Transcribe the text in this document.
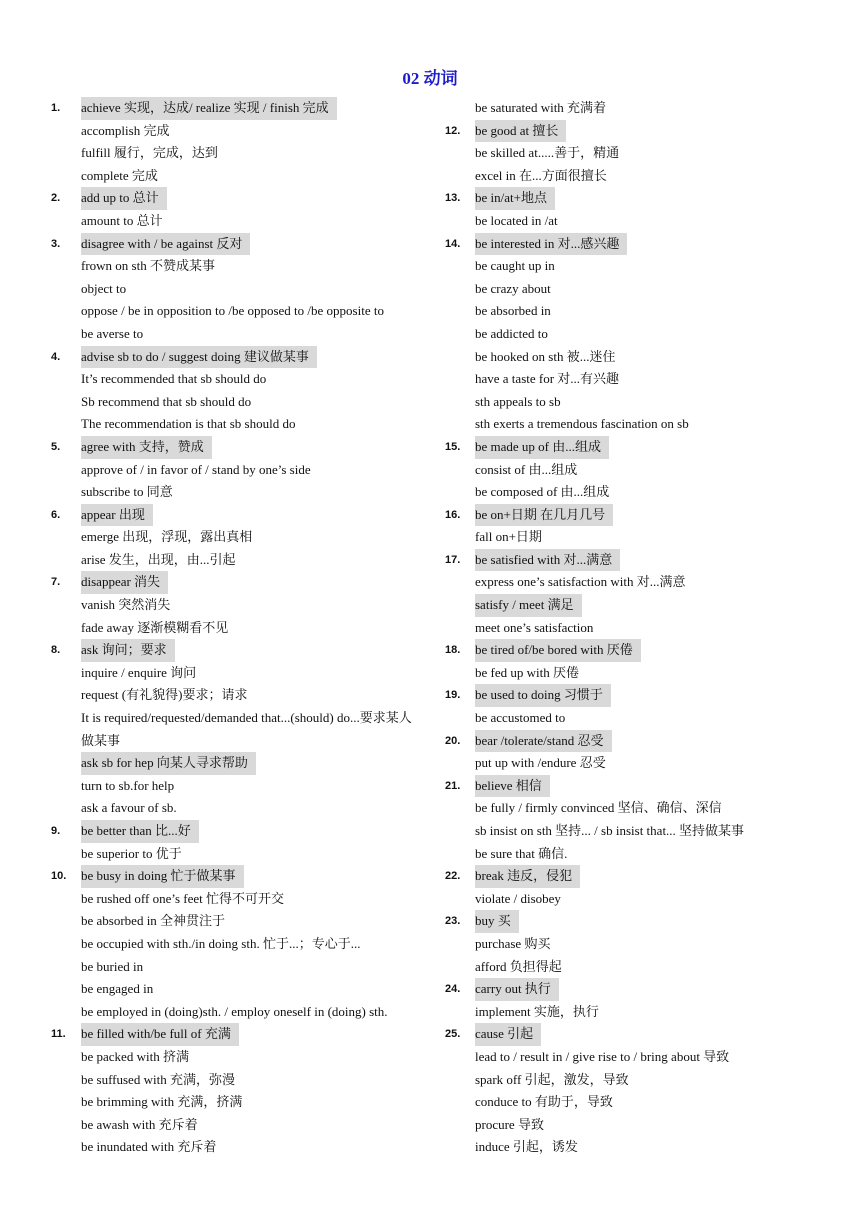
02 动词
1. achieve 实现，达成/ realize 实现 / finish 完成
accomplish 完成
fulfill 履行，完成，达到
complete 完成
2. add up to 总计
amount to 总计
3. disagree with / be against 反对
frown on sth 不赞成某事
object to
oppose / be in opposition to /be opposed to /be opposite to
be averse to
4. advise sb to do / suggest doing 建议做某事
It’s recommended that sb should do
Sb recommend that sb should do
The recommendation is that sb should do
5. agree with 支持，赞成
approve of / in favor of / stand by one’s side
subscribe to 同意
6. appear 出现
emerge 出现，浮现，露出真相
arise 发生，出现，由...引起
7. disappear 消失
vanish 突然消失
fade away 逐渐模糊看不见
8. ask 询问；要求
inquire / enquire 询问
request (有礼貌得)要求；请求
It is required/requested/demanded that...(should) do...要求某人
做某事
ask sb for hep 向某人寻求帮助
turn to sb.for help
ask a favour of sb.
9. be better than 比...好
be superior to 优于
10. be busy in doing 忙于做某事
be rushed off one’s feet 忙得不可开交
be absorbed in 全神贯注于
be occupied with sth./in doing sth. 忙于...；专心于...
be buried in
be engaged in
be employed in (doing)sth. / employ oneself in (doing) sth.
11. be filled with/be full of 充满
be packed with 挤满
be suffused with 充满，弥漫
be brimming with 充满，挤满
be awash with 充斥着
be inundated with 充斥着
be saturated with 充满着
12. be good at 擅长
be skilled at.....善于，精通
excel in 在...方面很擅长
13. be in/at+地点
be located in /at
14. be interested in 对...感兴趣
be caught up in
be crazy about
be absorbed in
be addicted to
be hooked on sth 被...迷住
have a taste for 对...有兴趣
sth appeals to sb
sth exerts a tremendous fascination on sb
15. be made up of 由...组成
consist of 由...组成
be composed of 由...组成
16. be on+日期 在几月几号
fall on+日期
17. be satisfied with 对...满意
express one’s satisfaction with 对...满意
satisfy / meet 满足
meet one’s satisfaction
18. be tired of/be bored with 厌倦
be fed up with 厌倦
19. be used to doing 习惯于
be accustomed to
20. bear /tolerate/stand 忍受
put up with /endure 忍受
21. believe 相信
be fully / firmly convinced 坚信、确信、深信
sb insist on sth 坚持... / sb insist that... 坚持做某事
be sure that 确信.
22. break 违反，侵犯
violate / disobey
23. buy 买
purchase 购买
afford 负担得起
24. carry out 执行
implement 实施，执行
25. cause 引起
lead to / result in / give rise to / bring about 导致
spark off 引起，激发，导致
conduce to 有助于，导致
procure 导致
induce 引起，诱发
